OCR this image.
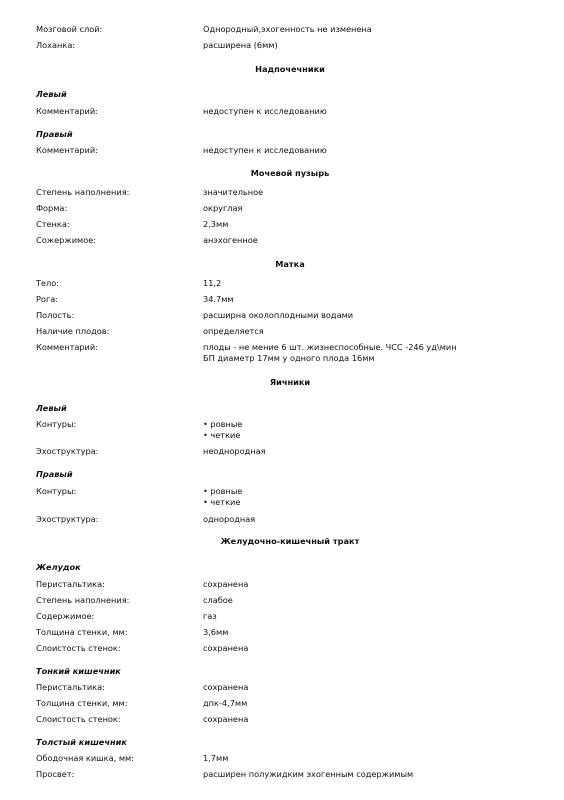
Мозговой слой:	Однородный,эхогенность не изменена
Лоханка:	расширена (6мм)
Надпочечники
Левый
Комментарий:	недоступен к исследованию
Правый
Комментарий:	недоступен к исследованию
Мочевой пузырь
Степень наполнения:	значительное
Форма:	округлая
Стенка:	2,3мм
Сожержимое:	анэхогенное
Матка
Тело:	11,2
Рога:	34.7мм
Полость:	расширна околоплодными водами
Наличие плодов:	определяется
Комментарий:	плоды - не мение 6 шт. жизнеспособные. ЧСС -246 уд\мин
БП диаметр 17мм у одного плода 16мм
Яичники
Левый
Контуры:	• ровные
• четкие
Эхоструктура:	неоднородная
Правый
Контуры:	• ровные
• четкие
Эхоструктура:	однородная
Желудочно-кишечный тракт
Желудок
Перистальтика:	сохранена
Степень наполнения:	слабое
Содержимое:	газ
Толщина стенки, мм:	3,6мм
Слоистость стенок:	сохранена
Тонкий кишечник
Перистальтика:	сохранена
Толщина стенки, мм:	дпк-4,7мм
Слоистость стенок:	сохранена
Толстый кишечник
Ободочная кишка, мм:	1,7мм
Просвет:	расширен полужидким эхогенным содержимым
